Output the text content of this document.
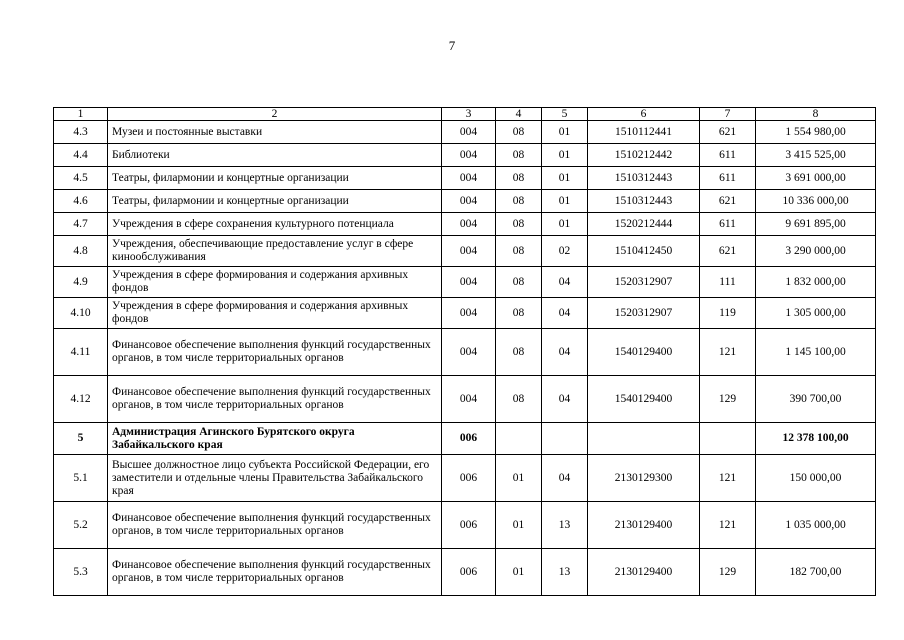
7
1	2	3	4	5	6	7	8
4.3	Музеи и постоянные выставки	004	08	01	1510112441	621	1 554 980,00
4.4	Библиотеки	004	08	01	1510212442	611	3 415 525,00
4.5	Театры, филармонии и концертные организации	004	08	01	1510312443	611	3 691 000,00
4.6	Театры, филармонии и концертные организации	004	08	01	1510312443	621	10 336 000,00
4.7	Учреждения в сфере сохранения культурного потенциала	004	08	01	1520212444	611	9 691 895,00
4.8	Учреждения, обеспечивающие предоставление услуг в сфере кинообслуживания	004	08	02	1510412450	621	3 290 000,00
4.9	Учреждения в сфере формирования и содержания архивных фондов	004	08	04	1520312907	111	1 832 000,00
4.10	Учреждения в сфере формирования и содержания архивных фондов	004	08	04	1520312907	119	1 305 000,00
4.11	Финансовое обеспечение выполнения функций государственных органов, в том числе территориальных органов	004	08	04	1540129400	121	1 145 100,00
4.12	Финансовое обеспечение выполнения функций государственных органов, в том числе территориальных органов	004	08	04	1540129400	129	390 700,00
5	Администрация Агинского Бурятского округа Забайкальского края	006					12 378 100,00
5.1	Высшее должностное лицо субъекта Российской Федерации, его заместители и отдельные члены Правительства Забайкальского края	006	01	04	2130129300	121	150 000,00
5.2	Финансовое обеспечение выполнения функций государственных органов, в том числе территориальных органов	006	01	13	2130129400	121	1 035 000,00
5.3	Финансовое обеспечение выполнения функций государственных органов, в том числе территориальных органов	006	01	13	2130129400	129	182 700,00
